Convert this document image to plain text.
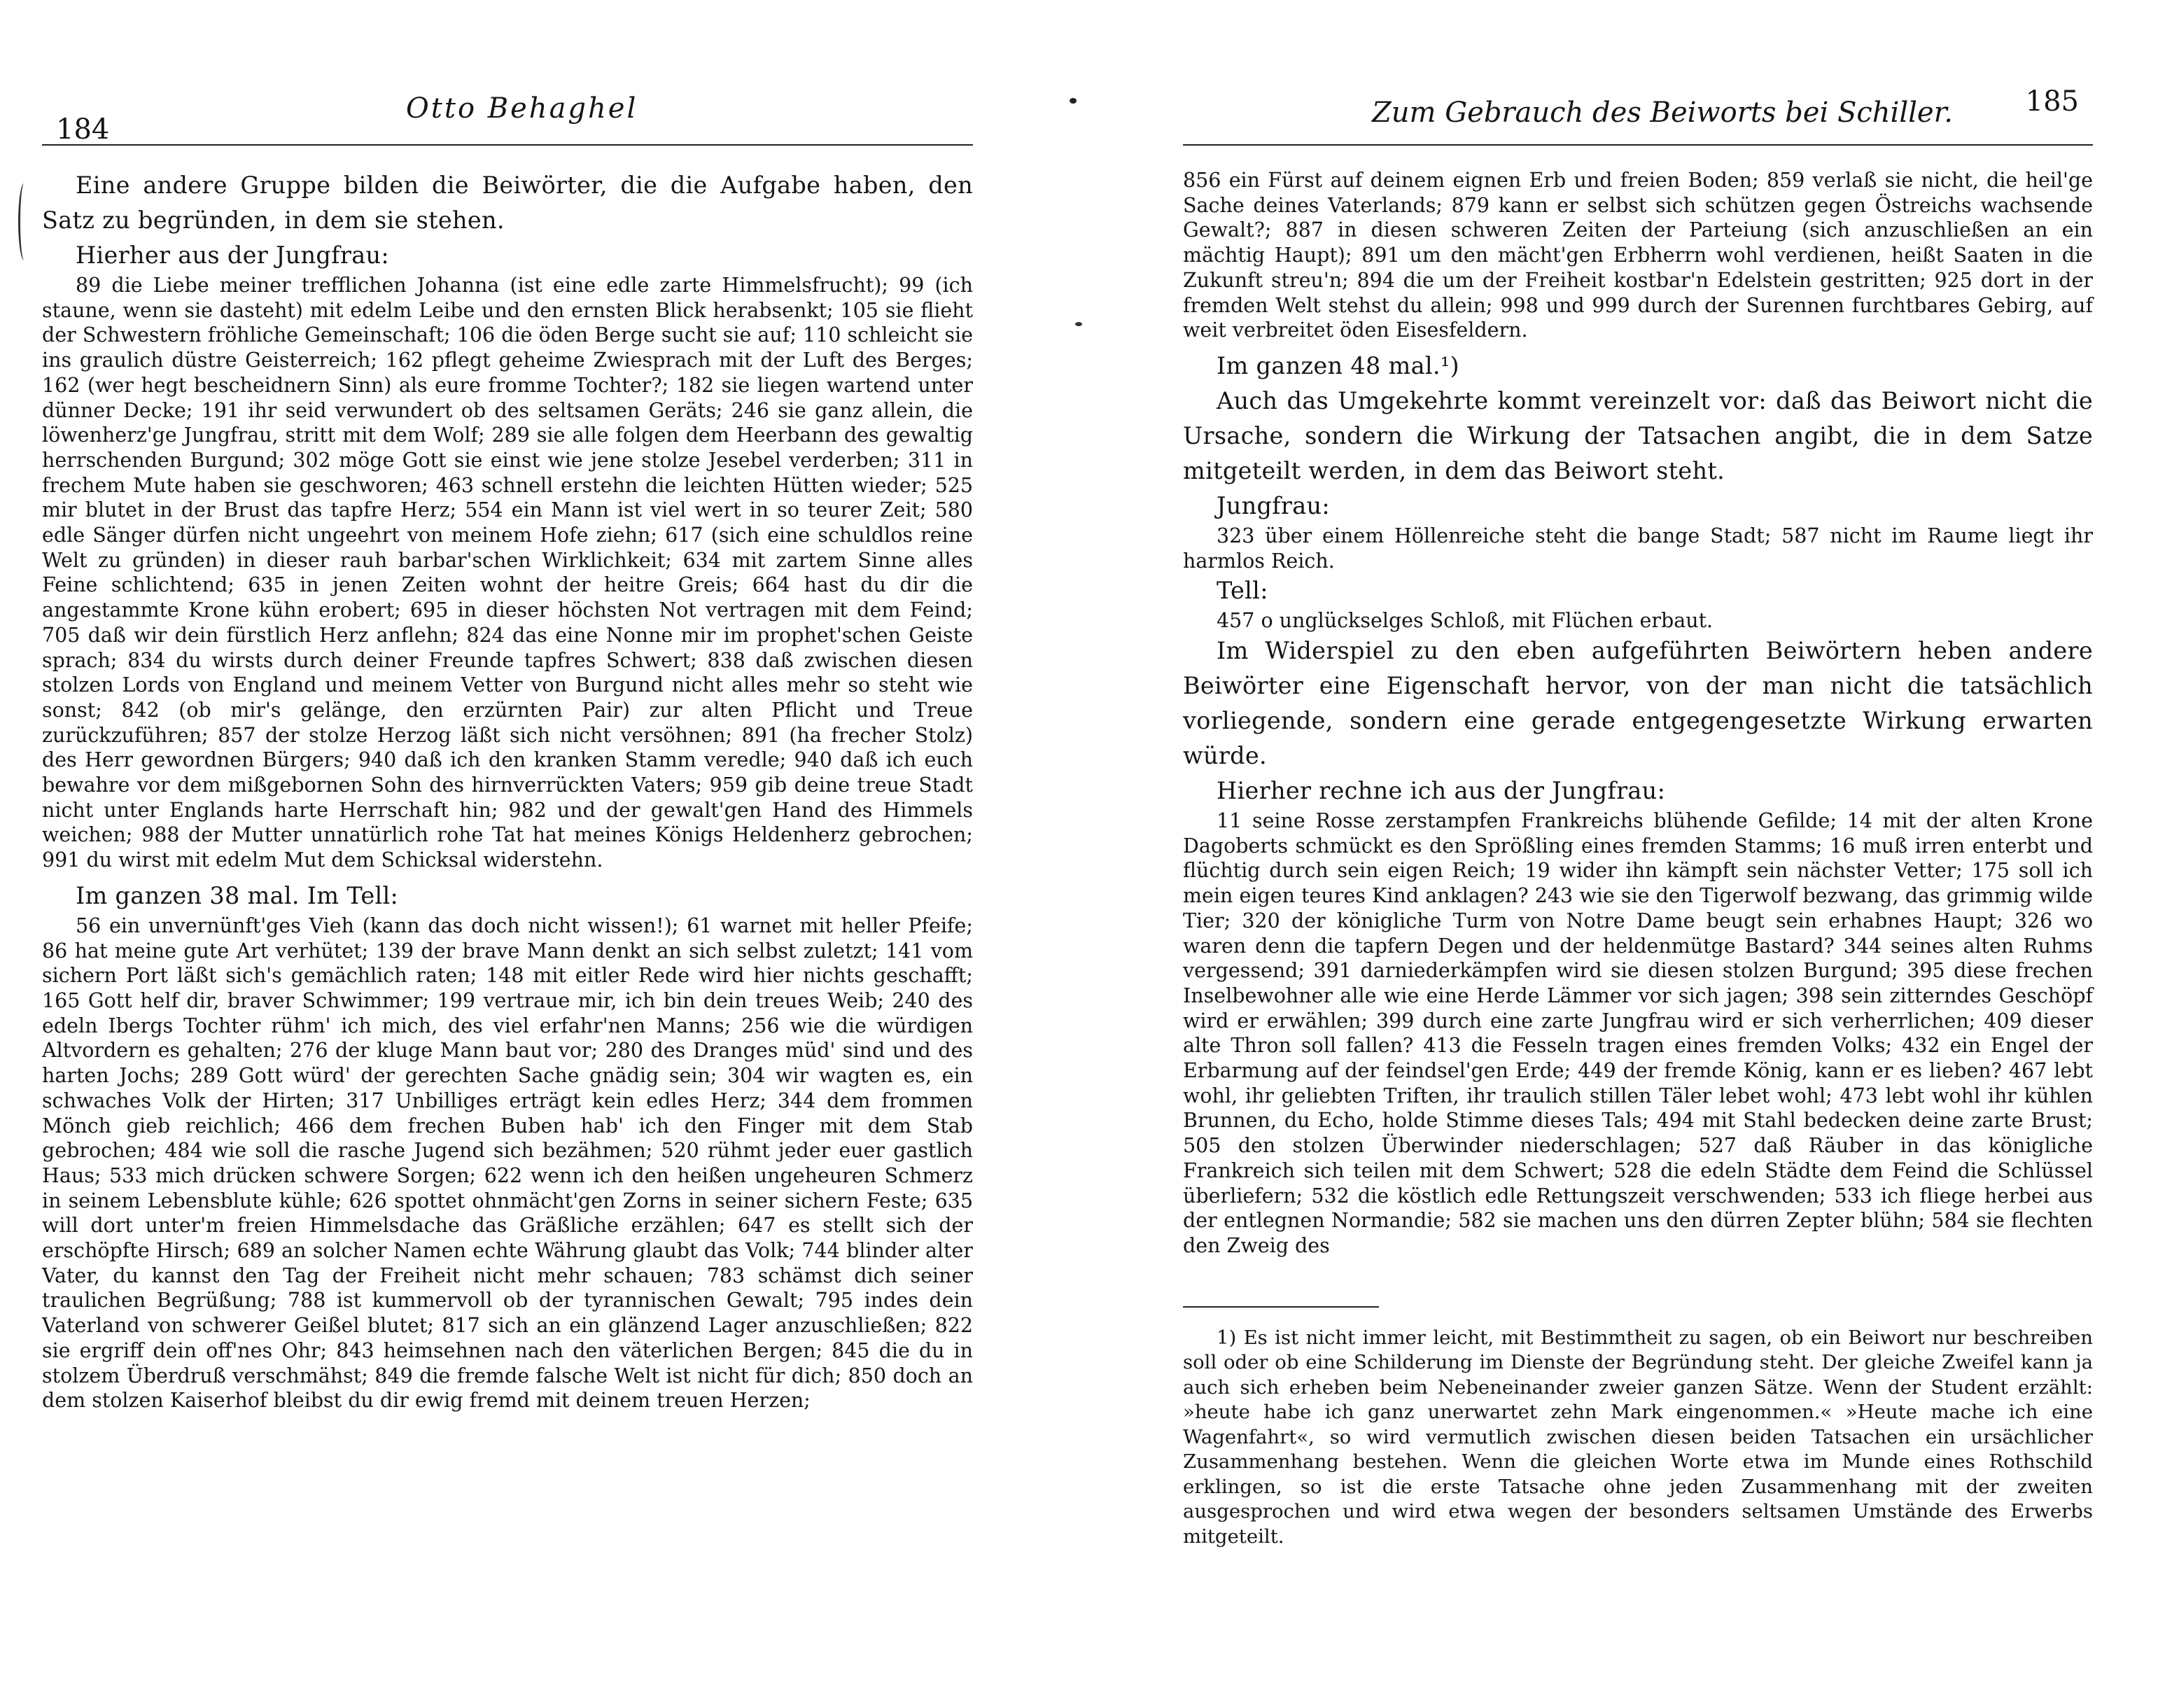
184
Otto Behaghel

Eine andere Gruppe bilden die Beiwörter, die die Aufgabe haben, den Satz zu begründen, in dem sie stehen.

Hierher aus der Jungfrau:

89 die Liebe meiner trefflichen Johanna (ist eine edle zarte Himmelsfrucht); 99 (ich staune, wenn sie dasteht) mit edelm Leibe und den ernsten Blick herabsenkt; 105 sie flieht der Schwestern fröhliche Gemeinschaft; 106 die öden Berge sucht sie auf; 110 schleicht sie ins graulich düstre Geisterreich; 162 pflegt geheime Zwiesprach mit der Luft des Berges; 162 (wer hegt bescheidnern Sinn) als eure fromme Tochter?; 182 sie liegen wartend unter dünner Decke; 191 ihr seid verwundert ob des seltsamen Geräts; 246 sie ganz allein, die löwenherz'ge Jungfrau, stritt mit dem Wolf; 289 sie alle folgen dem Heerbann des gewaltig herrschenden Burgund; 302 möge Gott sie einst wie jene stolze Jesebel verderben; 311 in frechem Mute haben sie geschworen; 463 schnell erstehn die leichten Hütten wieder; 525 mir blutet in der Brust das tapfre Herz; 554 ein Mann ist viel wert in so teurer Zeit; 580 edle Sänger dürfen nicht ungeehrt von meinem Hofe ziehn; 617 (sich eine schuldlos reine Welt zu gründen) in dieser rauh barbar'schen Wirklichkeit; 634 mit zartem Sinne alles Feine schlichtend; 635 in jenen Zeiten wohnt der heitre Greis; 664 hast du dir die angestammte Krone kühn erobert; 695 in dieser höchsten Not vertragen mit dem Feind; 705 daß wir dein fürstlich Herz anflehn; 824 das eine Nonne mir im prophet'schen Geiste sprach; 834 du wirsts durch deiner Freunde tapfres Schwert; 838 daß zwischen diesen stolzen Lords von England und meinem Vetter von Burgund nicht alles mehr so steht wie sonst; 842 (ob mir's gelänge, den erzürnten Pair) zur alten Pflicht und Treue zurückzuführen; 857 der stolze Herzog läßt sich nicht versöhnen; 891 (ha frecher Stolz) des Herr gewordnen Bürgers; 940 daß ich den kranken Stamm veredle; 940 daß ich euch bewahre vor dem mißgebornen Sohn des hirnverrückten Vaters; 959 gib deine treue Stadt nicht unter Englands harte Herrschaft hin; 982 und der gewalt'gen Hand des Himmels weichen; 988 der Mutter unnatürlich rohe Tat hat meines Königs Heldenherz gebrochen; 991 du wirst mit edelm Mut dem Schicksal widerstehn.

Im ganzen 38 mal. Im Tell:

56 ein unvernünft'ges Vieh (kann das doch nicht wissen!); 61 warnet mit heller Pfeife; 86 hat meine gute Art verhütet; 139 der brave Mann denkt an sich selbst zuletzt; 141 vom sichern Port läßt sich's gemächlich raten; 148 mit eitler Rede wird hier nichts geschafft; 165 Gott helf dir, braver Schwimmer; 199 vertraue mir, ich bin dein treues Weib; 240 des edeln Ibergs Tochter rühm' ich mich, des viel erfahr'nen Manns; 256 wie die würdigen Altvordern es gehalten; 276 der kluge Mann baut vor; 280 des Dranges müd' sind und des harten Jochs; 289 Gott würd' der gerechten Sache gnädig sein; 304 wir wagten es, ein schwaches Volk der Hirten; 317 Unbilliges erträgt kein edles Herz; 344 dem frommen Mönch gieb reichlich; 466 dem frechen Buben hab' ich den Finger mit dem Stab gebrochen; 484 wie soll die rasche Jugend sich bezähmen; 520 rühmt jeder euer gastlich Haus; 533 mich drücken schwere Sorgen; 622 wenn ich den heißen ungeheuren Schmerz in seinem Lebensblute kühle; 626 spottet ohnmächt'gen Zorns in seiner sichern Feste; 635 will dort unter'm freien Himmelsdache das Gräßliche erzählen; 647 es stellt sich der erschöpfte Hirsch; 689 an solcher Namen echte Währung glaubt das Volk; 744 blinder alter Vater, du kannst den Tag der Freiheit nicht mehr schauen; 783 schämst dich seiner traulichen Begrüßung; 788 ist kummervoll ob der tyrannischen Gewalt; 795 indes dein Vaterland von schwerer Geißel blutet; 817 sich an ein glänzend Lager anzuschließen; 822 sie ergriff dein off'nes Ohr; 843 heimsehnen nach den väterlichen Bergen; 845 die du in stolzem Überdruß verschmähst; 849 die fremde falsche Welt ist nicht für dich; 850 doch an dem stolzen Kaiserhof bleibst du dir ewig fremd mit deinem treuen Herzen;

Zum Gebrauch des Beiworts bei Schiller.	185

856 ein Fürst auf deinem eignen Erb und freien Boden; 859 verlaß sie nicht, die heil'ge Sache deines Vaterlands; 879 kann er selbst sich schützen gegen Östreichs wachsende Gewalt?; 887 in diesen schweren Zeiten der Parteiung (sich anzuschließen an ein mächtig Haupt); 891 um den mächt'gen Erbherrn wohl verdienen, heißt Saaten in die Zukunft streu'n; 894 die um der Freiheit kostbar'n Edelstein gestritten; 925 dort in der fremden Welt stehst du allein; 998 und 999 durch der Surennen furchtbares Gebirg, auf weit verbreitet öden Eisesfeldern.

Im ganzen 48 mal.¹)

Auch das Umgekehrte kommt vereinzelt vor: daß das Beiwort nicht die Ursache, sondern die Wirkung der Tatsachen angibt, die in dem Satze mitgeteilt werden, in dem das Beiwort steht.

Jungfrau:

323 über einem Höllenreiche steht die bange Stadt; 587 nicht im Raume liegt ihr harmlos Reich.

Tell:

457 o unglückselges Schloß, mit Flüchen erbaut.

Im Widerspiel zu den eben aufgeführten Beiwörtern heben andere Beiwörter eine Eigenschaft hervor, von der man nicht die tatsächlich vorliegende, sondern eine gerade entgegengesetzte Wirkung erwarten würde.

Hierher rechne ich aus der Jungfrau:

11 seine Rosse zerstampfen Frankreichs blühende Gefilde; 14 mit der alten Krone Dagoberts schmückt es den Sprößling eines fremden Stamms; 16 muß irren enterbt und flüchtig durch sein eigen Reich; 19 wider ihn kämpft sein nächster Vetter; 175 soll ich mein eigen teures Kind anklagen? 243 wie sie den Tigerwolf bezwang, das grimmig wilde Tier; 320 der königliche Turm von Notre Dame beugt sein erhabnes Haupt; 326 wo waren denn die tapfern Degen und der heldenmütge Bastard? 344 seines alten Ruhms vergessend; 391 darniederkämpfen wird sie diesen stolzen Burgund; 395 diese frechen Inselbewohner alle wie eine Herde Lämmer vor sich jagen; 398 sein zitterndes Geschöpf wird er erwählen; 399 durch eine zarte Jungfrau wird er sich verherrlichen; 409 dieser alte Thron soll fallen? 413 die Fesseln tragen eines fremden Volks; 432 ein Engel der Erbarmung auf der feindsel'gen Erde; 449 der fremde König, kann er es lieben? 467 lebt wohl, ihr geliebten Triften, ihr traulich stillen Täler lebet wohl; 473 lebt wohl ihr kühlen Brunnen, du Echo, holde Stimme dieses Tals; 494 mit Stahl bedecken deine zarte Brust; 505 den stolzen Überwinder niederschlagen; 527 daß Räuber in das königliche Frankreich sich teilen mit dem Schwert; 528 die edeln Städte dem Feind die Schlüssel überliefern; 532 die köstlich edle Rettungszeit verschwenden; 533 ich fliege herbei aus der entlegnen Normandie; 582 sie machen uns den dürren Zepter blühn; 584 sie flechten den Zweig des

1) Es ist nicht immer leicht, mit Bestimmtheit zu sagen, ob ein Beiwort nur beschreiben soll oder ob eine Schilderung im Dienste der Begründung steht. Der gleiche Zweifel kann ja auch sich erheben beim Nebeneinander zweier ganzen Sätze. Wenn der Student erzählt: »heute habe ich ganz unerwartet zehn Mark eingenommen.« »Heute mache ich eine Wagenfahrt«, so wird vermutlich zwischen diesen beiden Tatsachen ein ursächlicher Zusammenhang bestehen. Wenn die gleichen Worte etwa im Munde eines Rothschild erklingen, so ist die erste Tatsache ohne jeden Zusammenhang mit der zweiten ausgesprochen und wird etwa wegen der besonders seltsamen Umstände des Erwerbs mitgeteilt.
